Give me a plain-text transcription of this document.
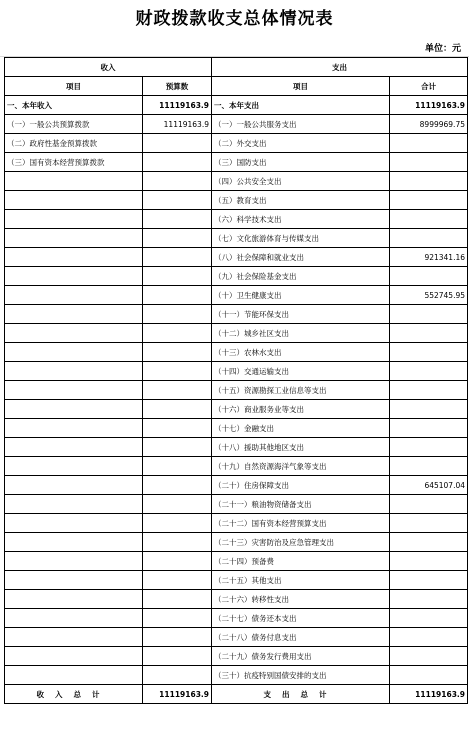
财政拨款收支总体情况表
单位：元
收入		支出	
项目	预算数	项目	合计
一、本年收入	11119163.9	一、本年支出	11119163.9
（一）一般公共预算拨款	11119163.9	（一）一般公共服务支出	8999969.75
（二）政府性基金预算拨款		（二）外交支出	
（三）国有资本经营预算拨款		（三）国防支出	
		（四）公共安全支出	
		（五）教育支出	
		（六）科学技术支出	
		（七）文化旅游体育与传媒支出	
		（八）社会保障和就业支出	921341.16
		（九）社会保险基金支出	
		（十）卫生健康支出	552745.95
		（十一）节能环保支出	
		（十二）城乡社区支出	
		（十三）农林水支出	
		（十四）交通运输支出	
		（十五）资源勘探工业信息等支出	
		（十六）商业服务业等支出	
		（十七）金融支出	
		（十八）援助其他地区支出	
		（十九）自然资源海洋气象等支出	
		（二十）住房保障支出	645107.04
		（二十一）粮油物资储备支出	
		（二十二）国有资本经营预算支出	
		（二十三）灾害防治及应急管理支出	
		（二十四）预备费	
		（二十五）其他支出	
		（二十六）转移性支出	
		（二十七）债务还本支出	
		（二十八）债务付息支出	
		（二十九）债务发行费用支出	
		（三十）抗疫特别国债安排的支出	
收入总计	11119163.9	支出总计	11119163.9
